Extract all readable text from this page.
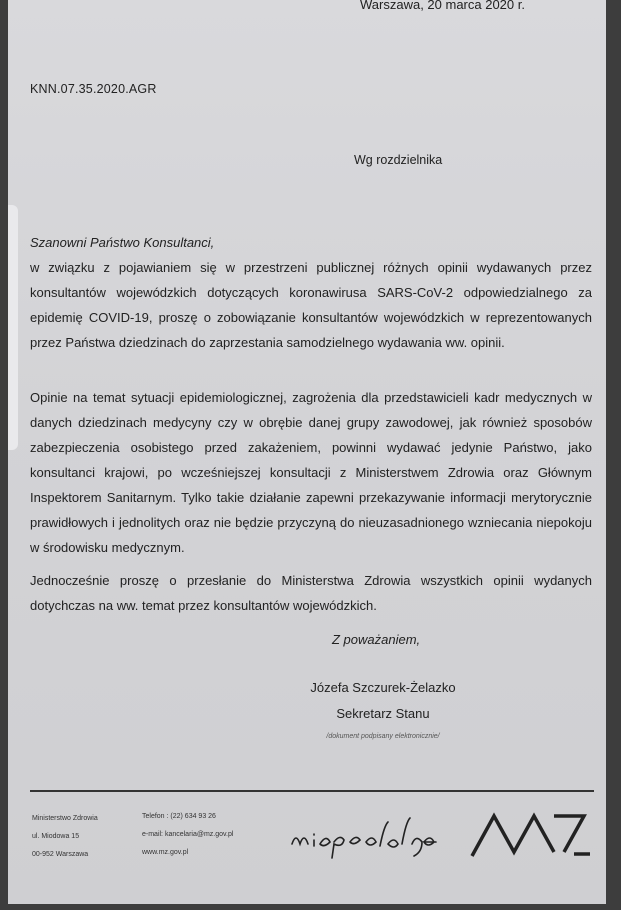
Warszawa, 20 marca 2020 r.
KNN.07.35.2020.AGR
Wg rozdzielnika
Szanowni Państwo Konsultanci,
w związku z pojawianiem się w przestrzeni publicznej różnych opinii wydawanych przez konsultantów wojewódzkich dotyczących koronawirusa SARS-CoV-2 odpowiedzialnego za epidemię COVID-19, proszę o zobowiązanie konsultantów wojewódzkich w reprezentowanych przez Państwa dziedzinach do zaprzestania samodzielnego wydawania ww. opinii.
Opinie na temat sytuacji epidemiologicznej, zagrożenia dla przedstawicieli kadr medycznych w danych dziedzinach medycyny czy w obrębie danej grupy zawodowej, jak również sposobów zabezpieczenia osobistego przed zakażeniem, powinni wydawać jedynie Państwo, jako konsultanci krajowi, po wcześniejszej konsultacji z Ministerstwem Zdrowia oraz Głównym Inspektorem Sanitarnym. Tylko takie działanie zapewni przekazywanie informacji merytorycznie prawidłowych i jednolitych oraz nie będzie przyczyną do nieuzasadnionego wzniecania niepokoju w środowisku medycznym.
Jednocześnie proszę o przesłanie do Ministerstwa Zdrowia wszystkich opinii wydanych dotychczas na ww. temat przez konsultantów wojewódzkich.
Z poważaniem,
Józefa Szczurek-Żelazko
Sekretarz Stanu
/dokument podpisany elektronicznie/
Ministerstwo Zdrowia
ul. Miodowa 15
00-952 Warszawa
Telefon : (22) 634 93 26
e-mail: kancelaria@mz.gov.pl
www.mz.gov.pl
